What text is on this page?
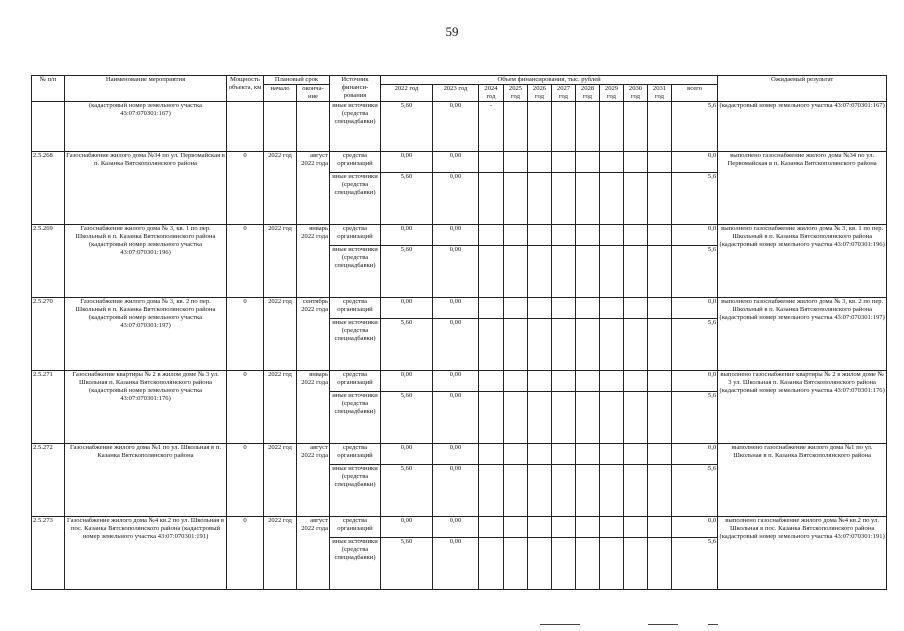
59
№ п/п	Наименование мероприятия	Мощность объекта, км	Плановый срок		Источник финанси- рования	Объем финансирования, тыс. рублей											Ожидаемый результат
			начало	оконча- ние		2022 год	2023 год	2024 год	2025 год	2026 год	2027 год	2028 год	2029 год	2030 год	2031 год	всего	

	(кадастровый номер земельного участка 43:07:070301:167)				иные источники (средства спецнадбавки)	5,60	0,00	-								5,6	(кадастровый номер земельного участка 43:07:070301:167)
2.5.268	Газоснабжение жилого дома №34 по ул. Первомайская в п. Казанка Вятскополянского района	0	2022 год	август 2022 года	средства организаций	0,00	0,00									0,0	выполнено газоснабжение жилого дома №34 по ул. Первомайская в п. Казанка Вятскополянского района
					иные источники (средства спецнадбавки)	5,60	0,00									5,6	
2.5.269	Газоснабжение жилого дома № 3, кв. 1 по пер. Школьный в п. Казанка Вятскополянского района (кадастровый номер земельного участка 43:07:070301:196)	0	2022 год	январь 2022 года	средства организаций	0,00	0,00									0,0	выполнено газоснабжение жилого дома № 3, кв. 1 по пер. Школьный в п. Казанка Вятскополянского района (кадастровый номер земельного участка 43:07:070301:196)
					иные источники (средства спецнадбавки)	5,60	0,00									5,6	
2.5.270	Газоснабжение жилого дома № 3, кв. 2 по пер. Школьный в п. Казанка Вятскополянского района (кадастровый номер земельного участка 43:07:070301:197)	0	2022 год	сентябрь 2022 года	средства организаций	0,00	0,00									0,0	выполнено газоснабжение жилого дома № 3, кв. 2 по пер. Школьный в п. Казанка Вятскополянского района (кадастровый номер земельного участка 43:07:070301:197)
					иные источники (средства спецнадбавки)	5,60	0,00									5,6	
2.5.271	Газоснабжение квартиры № 2 в жилом доме № 3 ул. Школьная п. Казанка Вятскополянского района (кадастровый номер земельного участка 43:07:070301:176)	0	2022 год	январь 2022 года	средства организаций	0,00	0,00									0,0	выполнено газоснабжение квартиры № 2 в жилом доме № 3 ул. Школьная п. Казанка Вятскополянского района (кадастровый номер земельного участка 43:07:070301:176)
					иные источники (средства спецнадбавки)	5,60	0,00									5,6	
2.5.272	Газоснабжение жилого дома №1 по ул. Школьная в п. Казанка Вятскополянского района	0	2022 год	август 2022 года	средства организаций	0,00	0,00									0,0	выполнено газоснабжение жилого дома №1 по ул. Школьная в п. Казанка Вятскополянского района
					иные источники (средства спецнадбавки)	5,60	0,00									5,6	
2.5.273	Газоснабжение жилого дома №4 кв.2 по ул. Школьная в пос. Казанка Вятскополянского района (кадастровый номер земельного участка 43:07:070301:191)	0	2022 год	август 2022 года	средства организаций	0,00	0,00									0,0	выполнено газоснабжение жилого дома №4 кв.2 по ул. Школьная в пос. Казанка Вятскополянского района (кадастровый номер земельного участка 43:07:070301:191)
					иные источники (средства спецнадбавки)	5,60	0,00									5,6	
